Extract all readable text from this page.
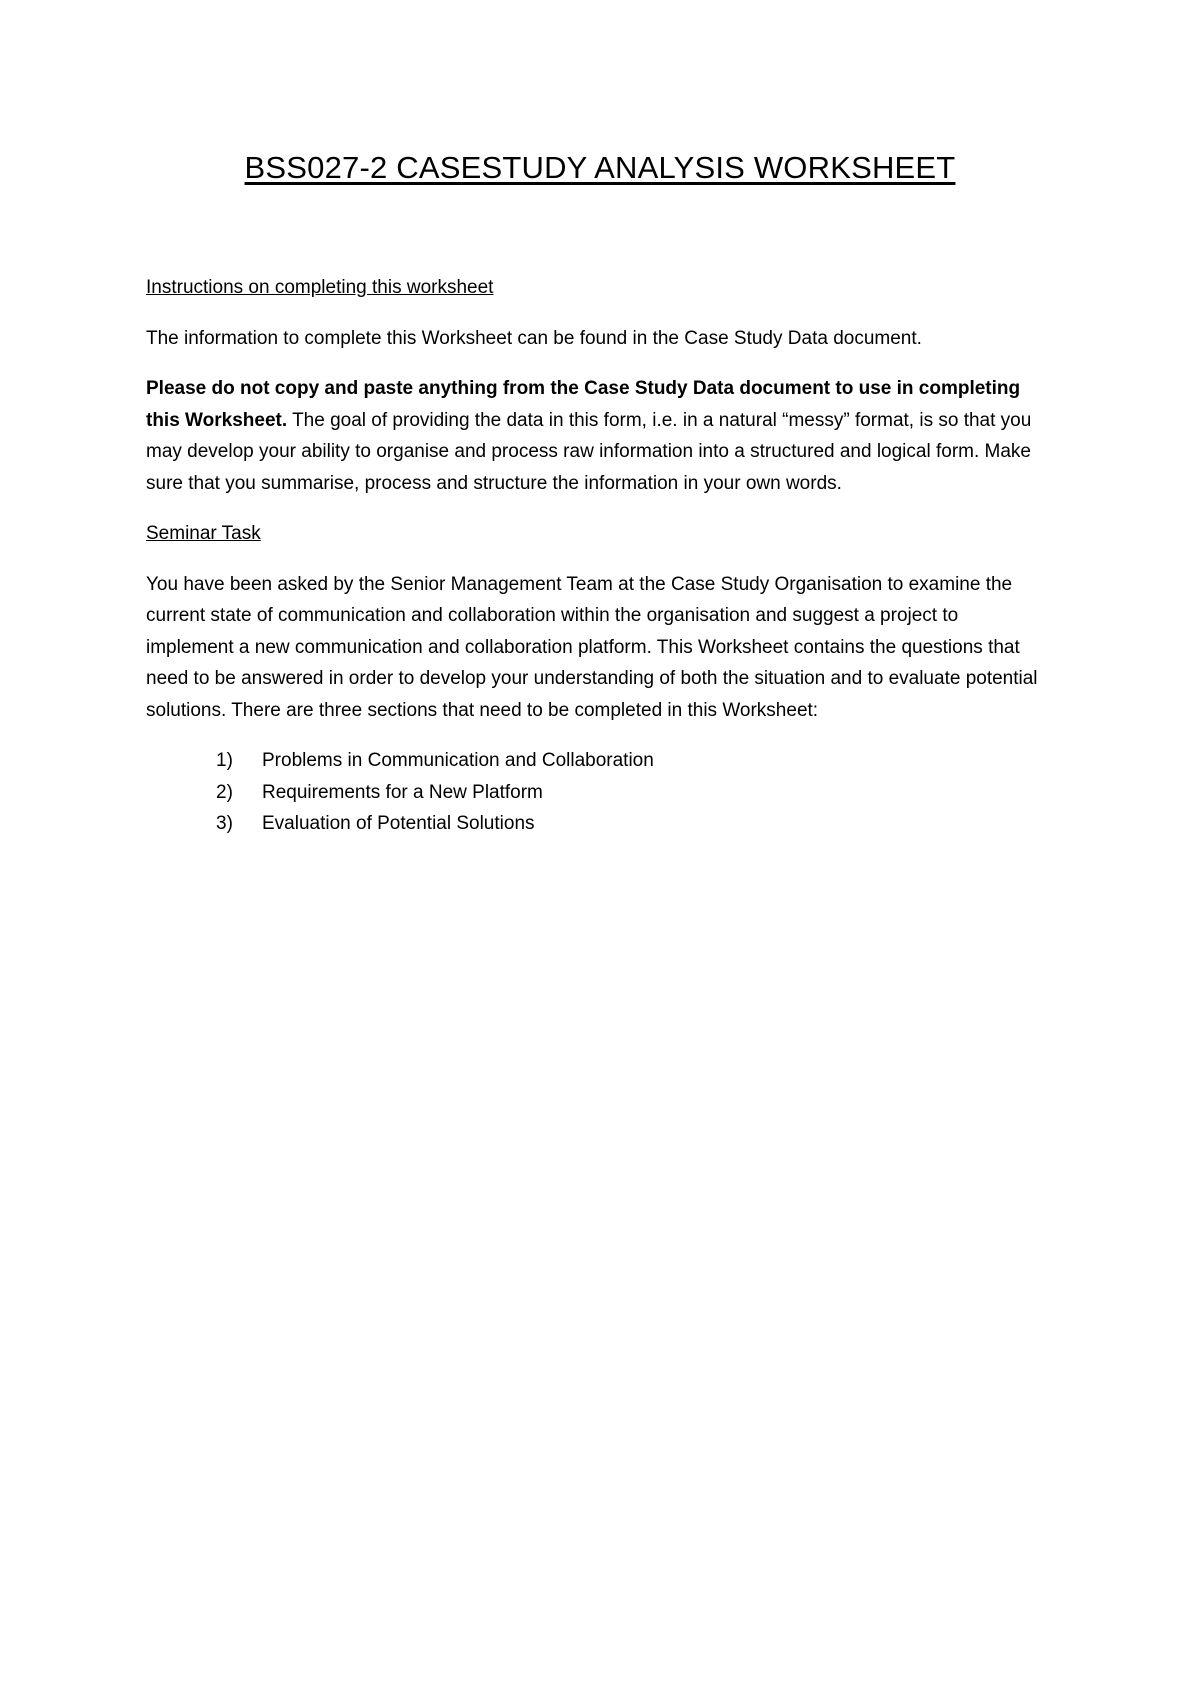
BSS027-2 CASESTUDY ANALYSIS WORKSHEET
Instructions on completing this worksheet

The information to complete this Worksheet can be found in the Case Study Data document.

Please do not copy and paste anything from the Case Study Data document to use in completing this Worksheet. The goal of providing the data in this form, i.e. in a natural “messy” format, is so that you may develop your ability to organise and process raw information into a structured and logical form. Make sure that you summarise, process and structure the information in your own words.

Seminar Task

You have been asked by the Senior Management Team at the Case Study Organisation to examine the current state of communication and collaboration within the organisation and suggest a project to implement a new communication and collaboration platform. This Worksheet contains the questions that need to be answered in order to develop your understanding of both the situation and to evaluate potential solutions. There are three sections that need to be completed in this Worksheet:

1)	Problems in Communication and Collaboration
2)	Requirements for a New Platform
3)	Evaluation of Potential Solutions
